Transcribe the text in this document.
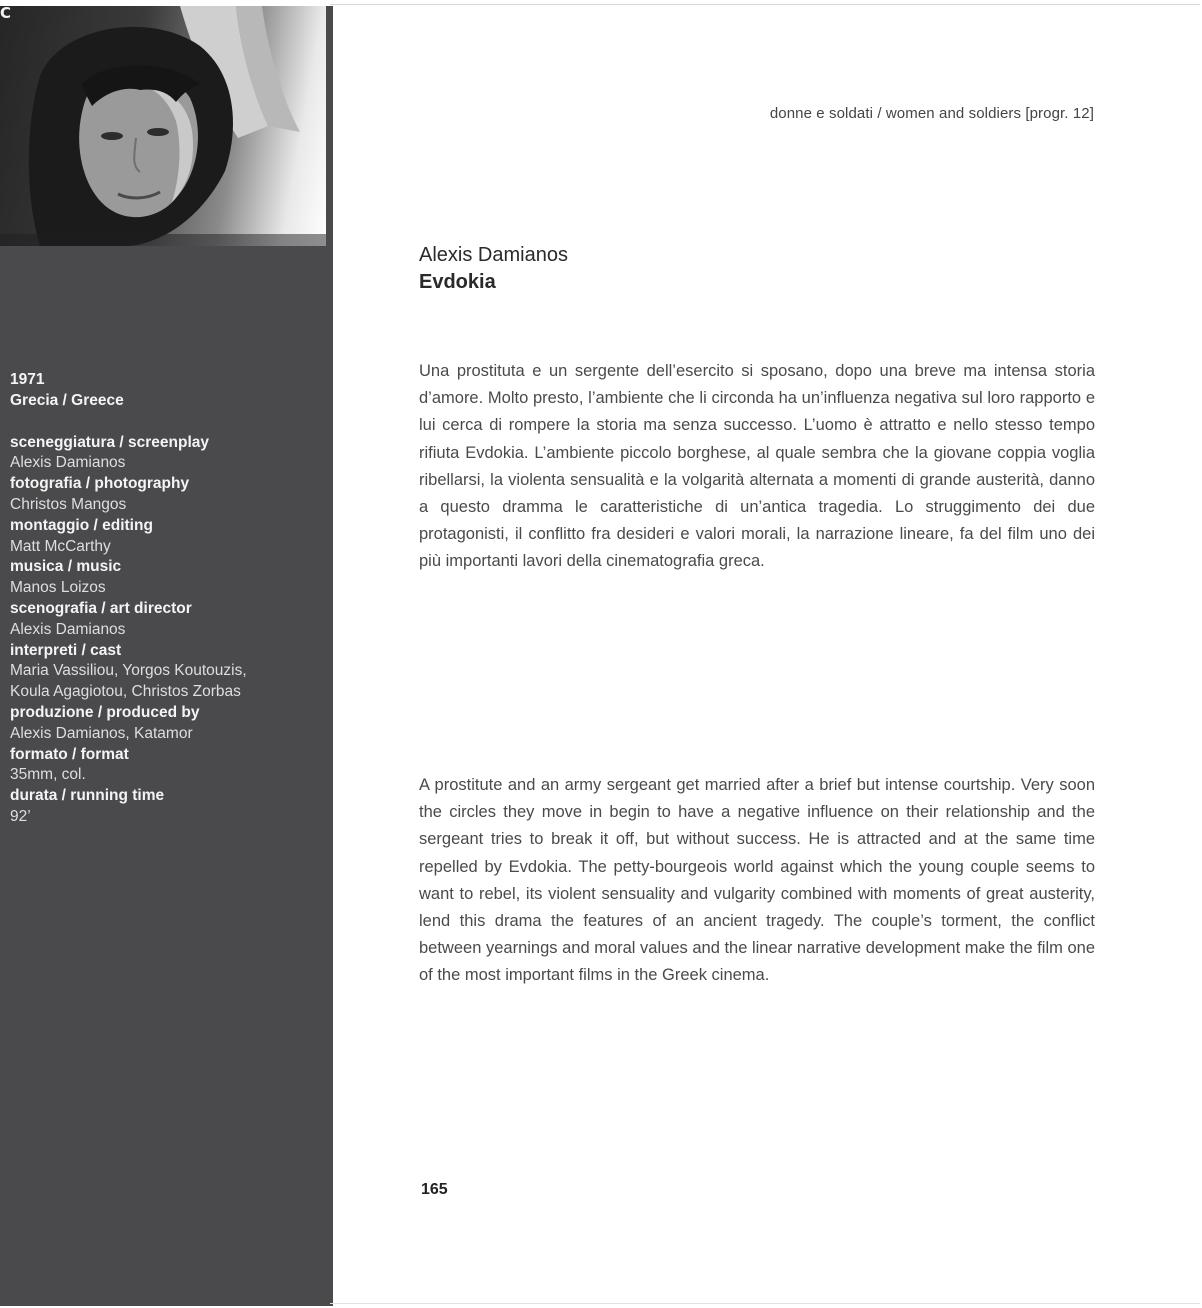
C
1971
Grecia / Greece
sceneggiatura / screenplay
Alexis Damianos
fotografia / photography
Christos Mangos
montaggio / editing
Matt McCarthy
musica / music
Manos Loizos
scenografia / art director
Alexis Damianos
interpreti / cast
Maria Vassiliou, Yorgos Koutouzis,
Koula Agagiotou, Christos Zorbas
produzione / produced by
Alexis Damianos, Katamor
formato / format
35mm, col.
durata / running time
92’
donne e soldati / women and soldiers [progr. 12]
Alexis Damianos
Evdokia

Una prostituta e un sergente dell’esercito si sposano, dopo una breve ma intensa storia d’amore. Molto presto, l’ambiente che li circonda ha un’influenza negativa sul loro rapporto e lui cerca di rompere la storia ma senza successo. L’uomo è attratto e nello stesso tempo rifiuta Evdokia. L’ambiente piccolo borghese, al quale sembra che la giovane coppia voglia ribellarsi, la violenta sensualità e la volgarità alternata a momenti di grande austerità, danno a questo dramma le caratteristiche di un’antica tragedia. Lo struggimento dei due protagonisti, il conflitto fra desideri e valori morali, la narrazione lineare, fa del film uno dei più importanti lavori della cinematografia greca.

A prostitute and an army sergeant get married after a brief but intense courtship. Very soon the circles they move in begin to have a negative influence on their relationship and the sergeant tries to break it off, but without success. He is attracted and at the same time repelled by Evdokia. The petty-bourgeois world against which the young couple seems to want to rebel, its violent sensuality and vulgarity combined with moments of great austerity, lend this drama the features of an ancient tragedy. The couple’s torment, the conflict between yearnings and moral values and the linear narrative development make the film one of the most important films in the Greek cinema.

165
